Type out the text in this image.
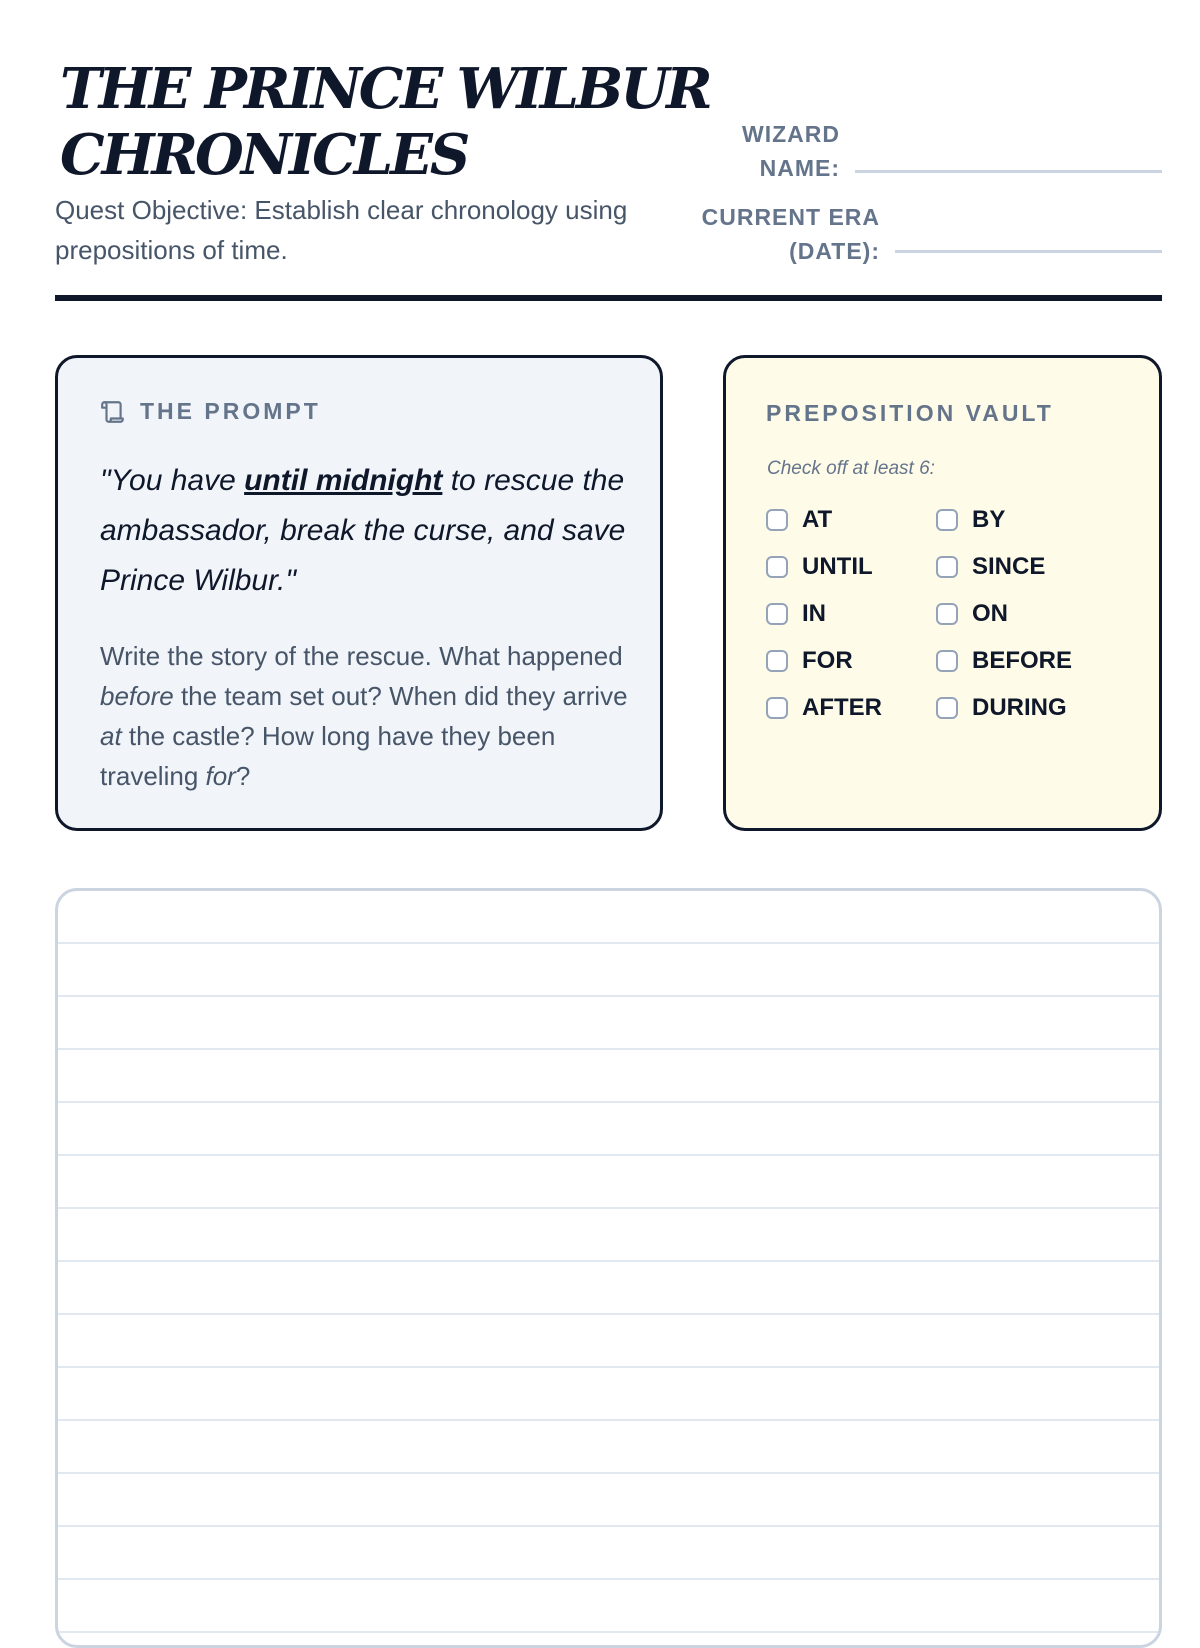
THE PRINCE WILBUR
CHRONICLES

Quest Objective: Establish clear chronology using prepositions of time.

WIZARD
NAME:
CURRENT ERA
(DATE):
THE PROMPT

"You have until midnight to rescue the ambassador, break the curse, and save Prince Wilbur."

Write the story of the rescue. What happened before the team set out? When did they arrive at the castle? How long have they been traveling for?

PREPOSITION VAULT
Check off at least 6:
AT	BY
UNTIL	SINCE
IN	ON
FOR	BEFORE
AFTER	DURING
